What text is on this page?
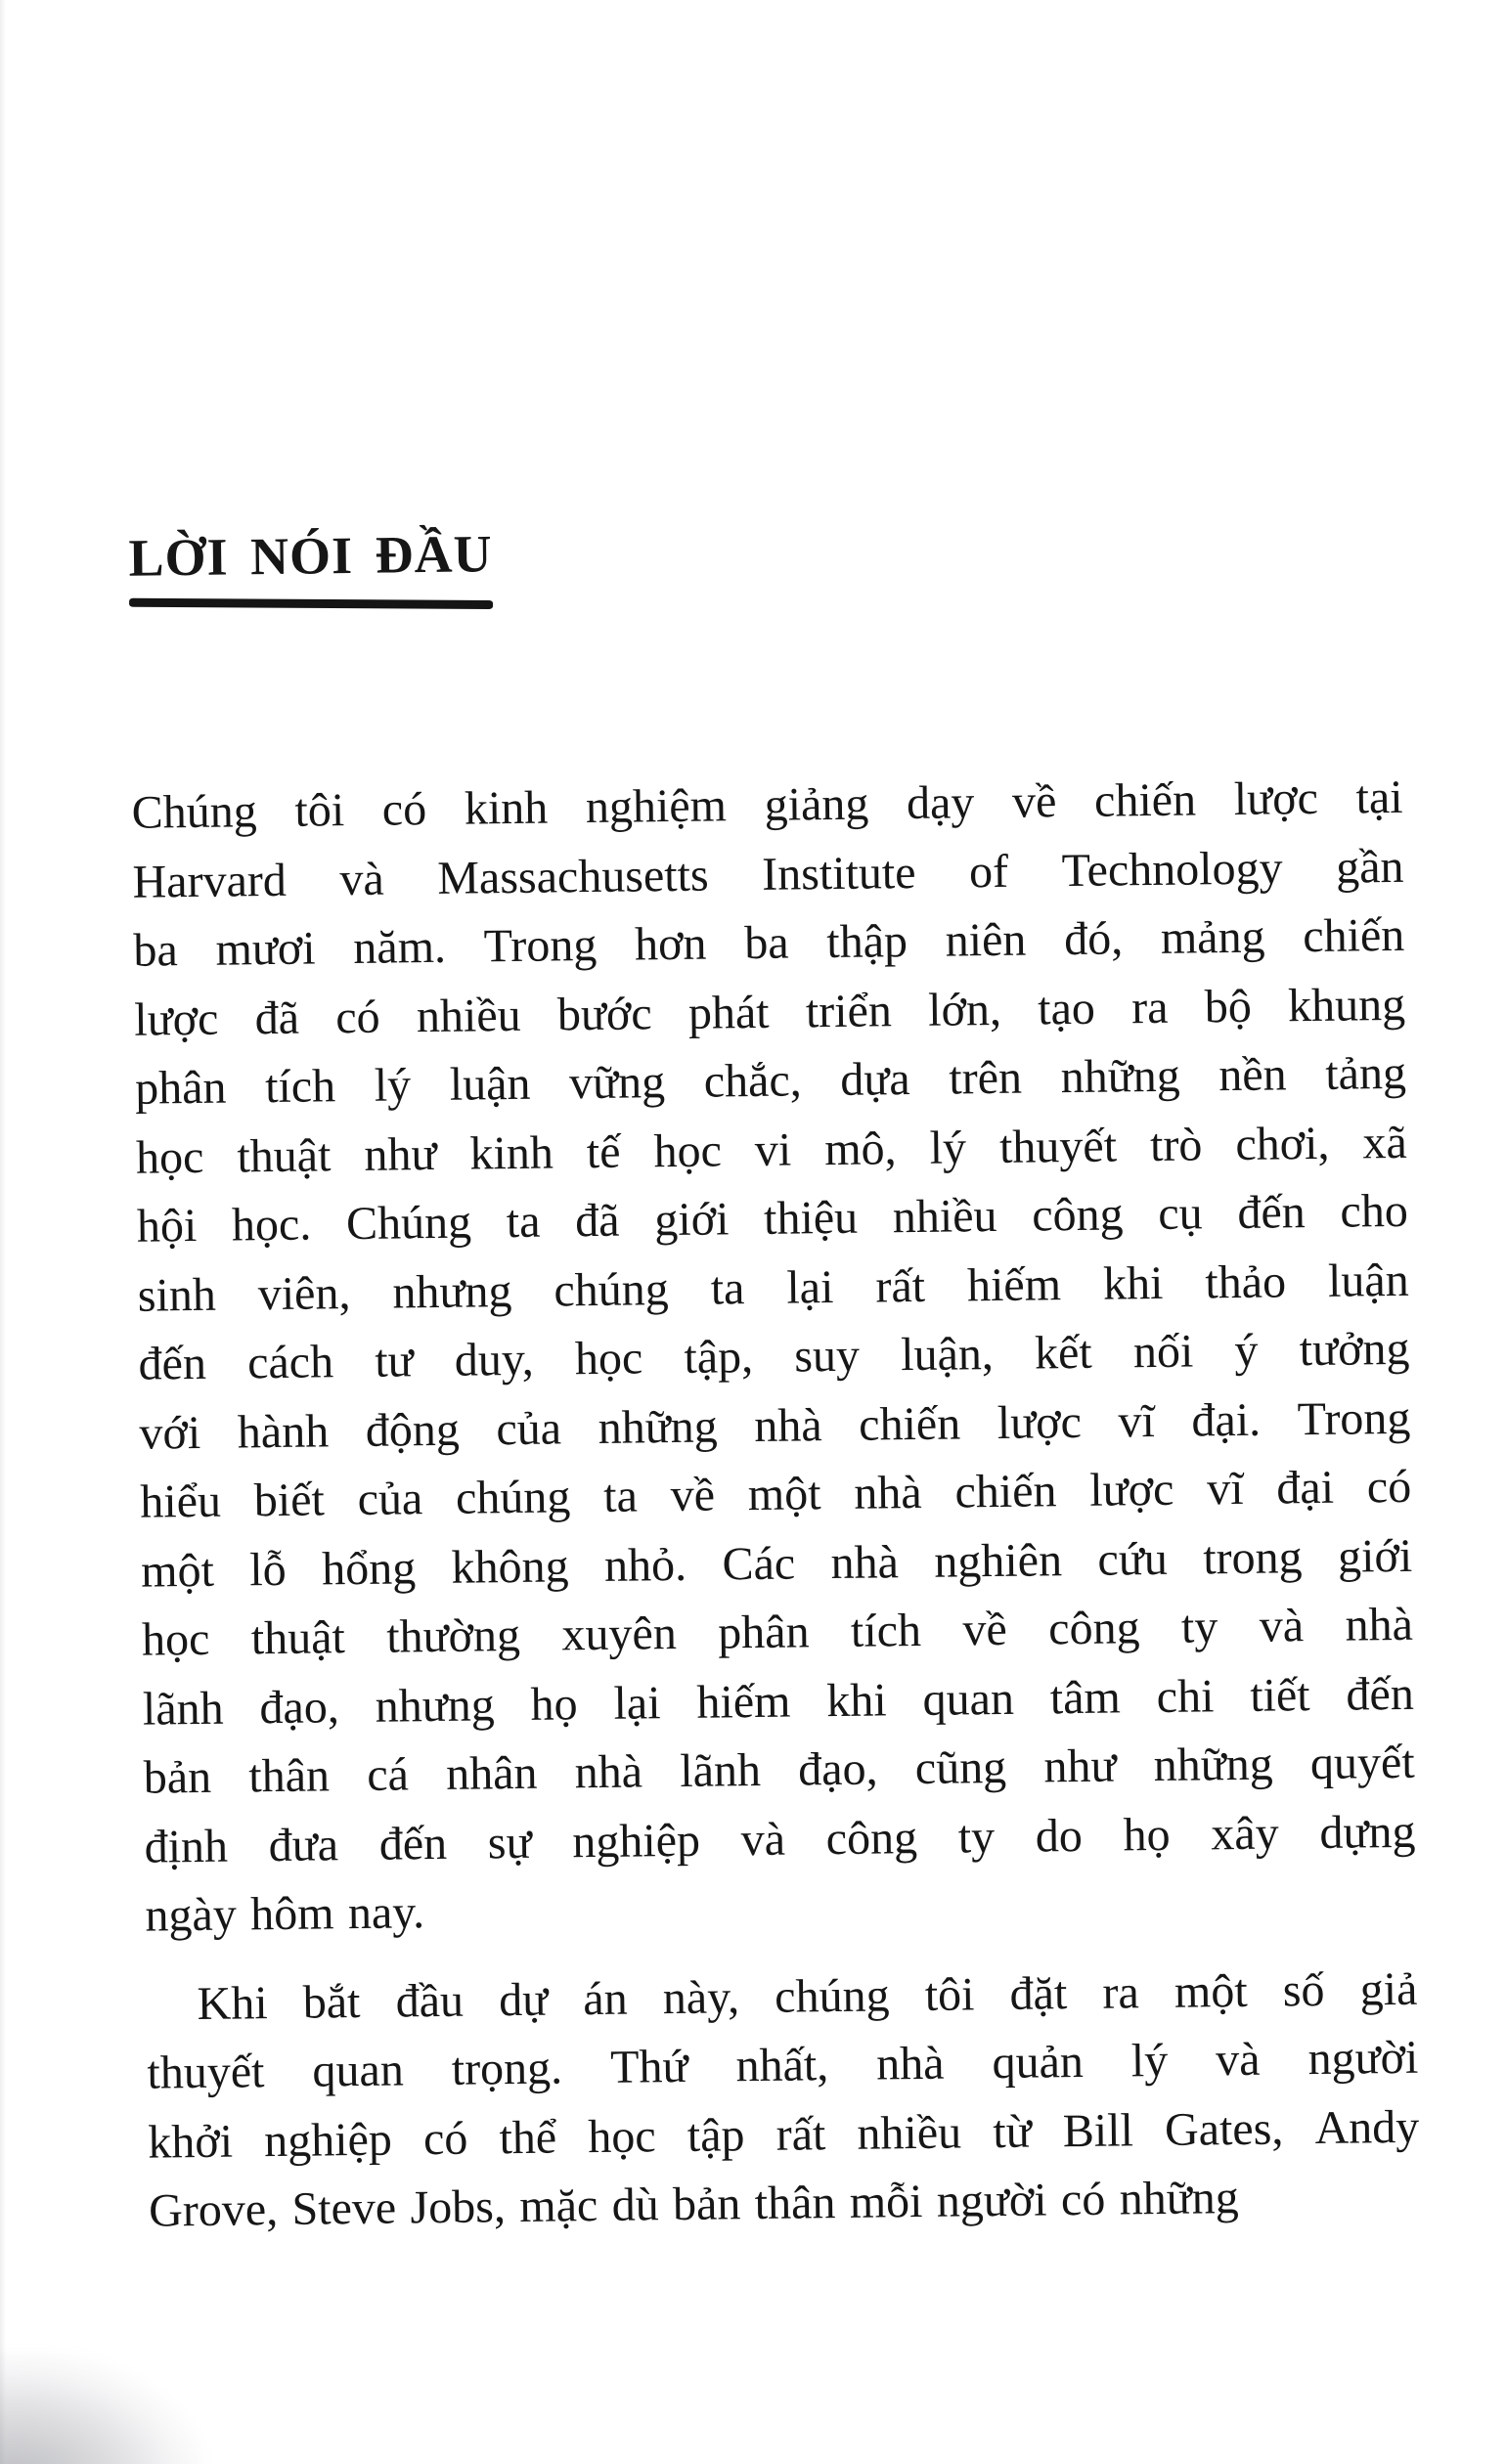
LỜI NÓI ĐẦU
Chúng tôi có kinh nghiệm giảng dạy về chiến lược tại
Harvard và Massachusetts Institute of Technology gần
ba mươi năm. Trong hơn ba thập niên đó, mảng chiến
lược đã có nhiều bước phát triển lớn, tạo ra bộ khung
phân tích lý luận vững chắc, dựa trên những nền tảng
học thuật như kinh tế học vi mô, lý thuyết trò chơi, xã
hội học. Chúng ta đã giới thiệu nhiều công cụ đến cho
sinh viên, nhưng chúng ta lại rất hiếm khi thảo luận
đến cách tư duy, học tập, suy luận, kết nối ý tưởng
với hành động của những nhà chiến lược vĩ đại. Trong
hiểu biết của chúng ta về một nhà chiến lược vĩ đại có
một lỗ hổng không nhỏ. Các nhà nghiên cứu trong giới
học thuật thường xuyên phân tích về công ty và nhà
lãnh đạo, nhưng họ lại hiếm khi quan tâm chi tiết đến
bản thân cá nhân nhà lãnh đạo, cũng như những quyết
định đưa đến sự nghiệp và công ty do họ xây dựng
ngày hôm nay.
Khi bắt đầu dự án này, chúng tôi đặt ra một số giả
thuyết quan trọng. Thứ nhất, nhà quản lý và người
khởi nghiệp có thể học tập rất nhiều từ Bill Gates, Andy
Grove, Steve Jobs, mặc dù bản thân mỗi người có những
